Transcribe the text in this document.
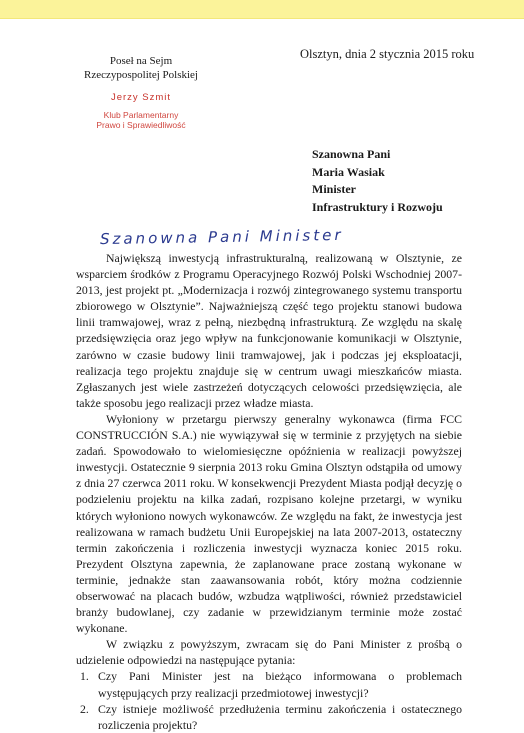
Poseł na Sejm
Rzeczypospolitej Polskiej
Jerzy Szmit
Klub Parlamentarny
Prawo i Sprawiedliwość
Olsztyn, dnia 2 stycznia 2015 roku
Szanowna Pani
Maria Wasiak
Minister
Infrastruktury i Rozwoju
Szanowna Pani Minister

Największą inwestycją infrastrukturalną, realizowaną w Olsztynie, ze wsparciem środków z Programu Operacyjnego Rozwój Polski Wschodniej 2007-2013, jest projekt pt. „Modernizacja i rozwój zintegrowanego systemu transportu zbiorowego w Olsztynie”. Najważniejszą część tego projektu stanowi budowa linii tramwajowej, wraz z pełną, niezbędną infrastrukturą. Ze względu na skalę przedsięwzięcia oraz jego wpływ na funkcjonowanie komunikacji w Olsztynie, zarówno w czasie budowy linii tramwajowej, jak i podczas jej eksploatacji, realizacja tego projektu znajduje się w centrum uwagi mieszkańców miasta. Zgłaszanych jest wiele zastrzeżeń dotyczących celowości przedsięwzięcia, ale także sposobu jego realizacji przez władze miasta.

Wyłoniony w przetargu pierwszy generalny wykonawca (firma FCC CONSTRUCCIÓN S.A.) nie wywiązywał się w terminie z przyjętych na siebie zadań. Spowodowało to wielomiesięczne opóźnienia w realizacji powyższej inwestycji. Ostatecznie 9 sierpnia 2013 roku Gmina Olsztyn odstąpiła od umowy z dnia 27 czerwca 2011 roku. W konsekwencji Prezydent Miasta podjął decyzję o podzieleniu projektu na kilka zadań, rozpisano kolejne przetargi, w wyniku których wyłoniono nowych wykonawców. Ze względu na fakt, że inwestycja jest realizowana w ramach budżetu Unii Europejskiej na lata 2007-2013, ostateczny termin zakończenia i rozliczenia inwestycji wyznacza koniec 2015 roku. Prezydent Olsztyna zapewnia, że zaplanowane prace zostaną wykonane w terminie, jednakże stan zaawansowania robót, który można codziennie obserwować na placach budów, wzbudza wątpliwości, również przedstawiciel branży budowlanej, czy zadanie w przewidzianym terminie może zostać wykonane.

W związku z powyższym, zwracam się do Pani Minister z prośbą o udzielenie odpowiedzi na następujące pytania:

1. Czy Pani Minister jest na bieżąco informowana o problemach występujących przy realizacji przedmiotowej inwestycji?
2. Czy istnieje możliwość przedłużenia terminu zakończenia i ostatecznego rozliczenia projektu?
